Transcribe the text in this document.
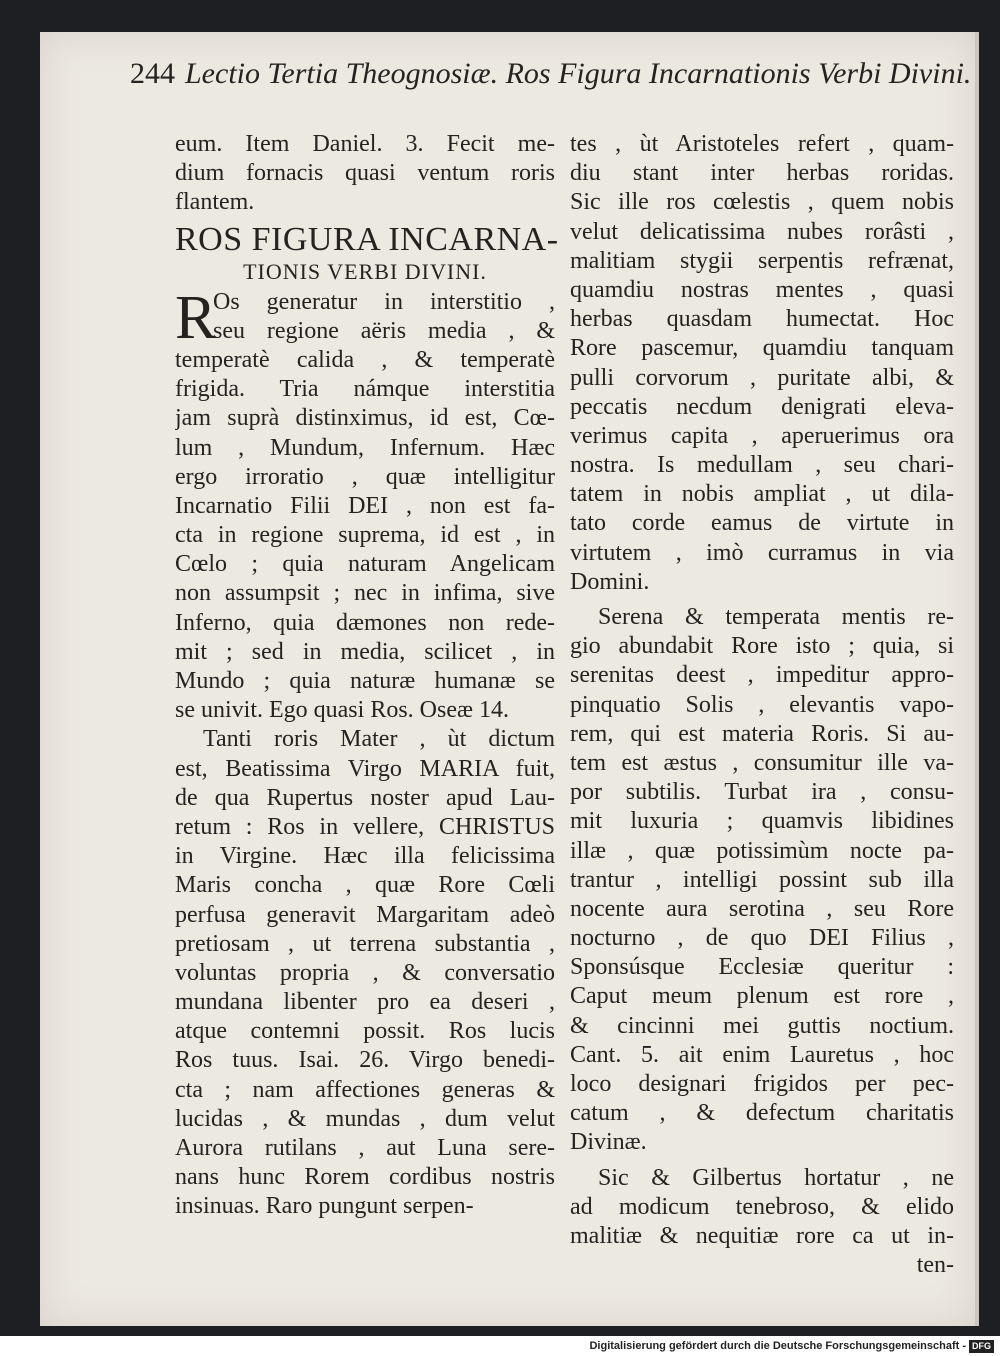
244 Lectio Tertia Theognosiæ. Ros Figura Incarnationis Verbi Divini.
eum. Item Daniel. 3. Fecit me-
dium fornacis quasi ventum roris
flantem.
ROS FIGURA INCARNA-
TIONIS VERBI DIVINI.
R
Os generatur in interstitio ,
seu regione aëris media , &
temperatè calida , & temperatè
frigida. Tria námque interstitia
jam suprà distinximus, id est, Cœ-
lum , Mundum, Infernum. Hæc
ergo irroratio , quæ intelligitur
Incarnatio Filii DEI , non est fa-
cta in regione suprema, id est , in
Cœlo ; quia naturam Angelicam
non assumpsit ; nec in infima, sive
Inferno, quia dæmones non rede-
mit ; sed in media, scilicet , in
Mundo ; quia naturæ humanæ se
se univit. Ego quasi Ros. Oseæ 14.
Tanti roris Mater , ùt dictum
est, Beatissima Virgo MARIA fuit,
de qua Rupertus noster apud Lau-
retum : Ros in vellere, CHRISTUS
in Virgine. Hæc illa felicissima
Maris concha , quæ Rore Cœli
perfusa generavit Margaritam adeò
pretiosam , ut terrena substantia ,
voluntas propria , & conversatio
mundana libenter pro ea deseri ,
atque contemni possit. Ros lucis
Ros tuus. Isai. 26. Virgo benedi-
cta ; nam affectiones generas &
lucidas , & mundas , dum velut
Aurora rutilans , aut Luna sere-
nans hunc Rorem cordibus nostris
insinuas. Raro pungunt serpen-
tes , ùt Aristoteles refert , quam-
diu stant inter herbas roridas.
Sic ille ros cœlestis , quem nobis
velut delicatissima nubes rorâsti ,
malitiam stygii serpentis refrænat,
quamdiu nostras mentes , quasi
herbas quasdam humectat. Hoc
Rore pascemur, quamdiu tanquam
pulli corvorum , puritate albi, &
peccatis necdum denigrati eleva-
verimus capita , aperuerimus ora
nostra. Is medullam , seu chari-
tatem in nobis ampliat , ut dila-
tato corde eamus de virtute in
virtutem , imò curramus in via
Domini.
Serena & temperata mentis re-
gio abundabit Rore isto ; quia, si
serenitas deest , impeditur appro-
pinquatio Solis , elevantis vapo-
rem, qui est materia Roris. Si au-
tem est æstus , consumitur ille va-
por subtilis. Turbat ira , consu-
mit luxuria ; quamvis libidines
illæ , quæ potissimùm nocte pa-
trantur , intelligi possint sub illa
nocente aura serotina , seu Rore
nocturno , de quo DEI Filius ,
Sponsúsque Ecclesiæ queritur :
Caput meum plenum est rore ,
& cincinni mei guttis noctium.
Cant. 5. ait enim Lauretus , hoc
loco designari frigidos per pec-
catum , & defectum charitatis
Divinæ.
Sic & Gilbertus hortatur , ne
ad modicum tenebroso, & elido
malitiæ & nequitiæ rore ca ut in-
ten-
Digitalisierung gefördert durch die Deutsche Forschungsgemeinschaft - DFG
